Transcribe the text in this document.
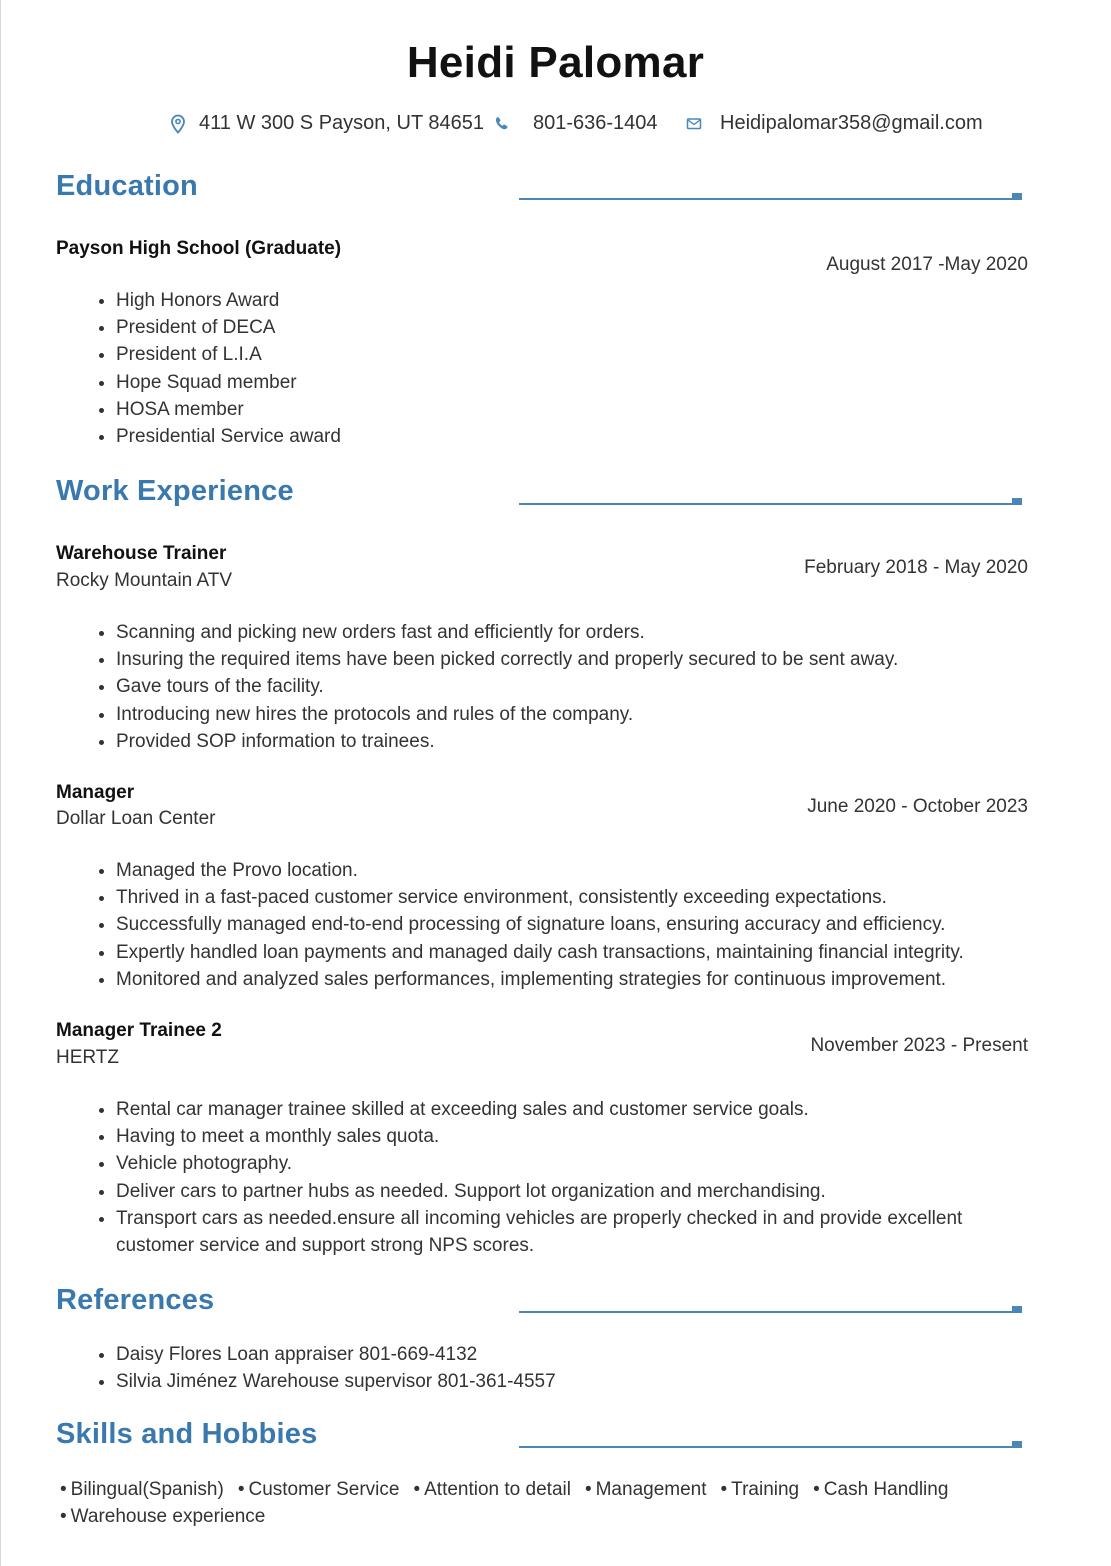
Heidi Palomar
411 W 300 S Payson, UT 84651 801-636-1404	Heidipalomar358@gmail.com
Education
Payson High School (Graduate)
August 2017 -May 2020
• High Honors Award
• President of DECA
• President of L.I.A
• Hope Squad member
• HOSA member
• Presidential Service award
Work Experience
Warehouse Trainer
Rocky Mountain ATV
February 2018 - May 2020
• Scanning and picking new orders fast and efficiently for orders.
• Insuring the required items have been picked correctly and properly secured to be sent away.
• Gave tours of the facility.
• Introducing new hires the protocols and rules of the company.
• Provided SOP information to trainees.
Manager
Dollar Loan Center
June 2020 - October 2023
• Managed the Provo location.
• Thrived in a fast-paced customer service environment, consistently exceeding expectations.
• Successfully managed end-to-end processing of signature loans, ensuring accuracy and efficiency.
• Expertly handled loan payments and managed daily cash transactions, maintaining financial integrity.
• Monitored and analyzed sales performances, implementing strategies for continuous improvement.
Manager Trainee 2
HERTZ
November 2023 - Present
• Rental car manager trainee skilled at exceeding sales and customer service goals.
• Having to meet a monthly sales quota.
• Vehicle photography.
• Deliver cars to partner hubs as needed. Support lot organization and merchandising.
• Transport cars as needed.ensure all incoming vehicles are properly checked in and provide excellent customer service and support strong NPS scores.
References
• Daisy Flores Loan appraiser 801-669-4132
• Silvia Jiménez Warehouse supervisor 801-361-4557
Skills and Hobbies
• Bilingual(Spanish) • Customer Service • Attention to detail • Management • Training • Cash Handling
• Warehouse experience
